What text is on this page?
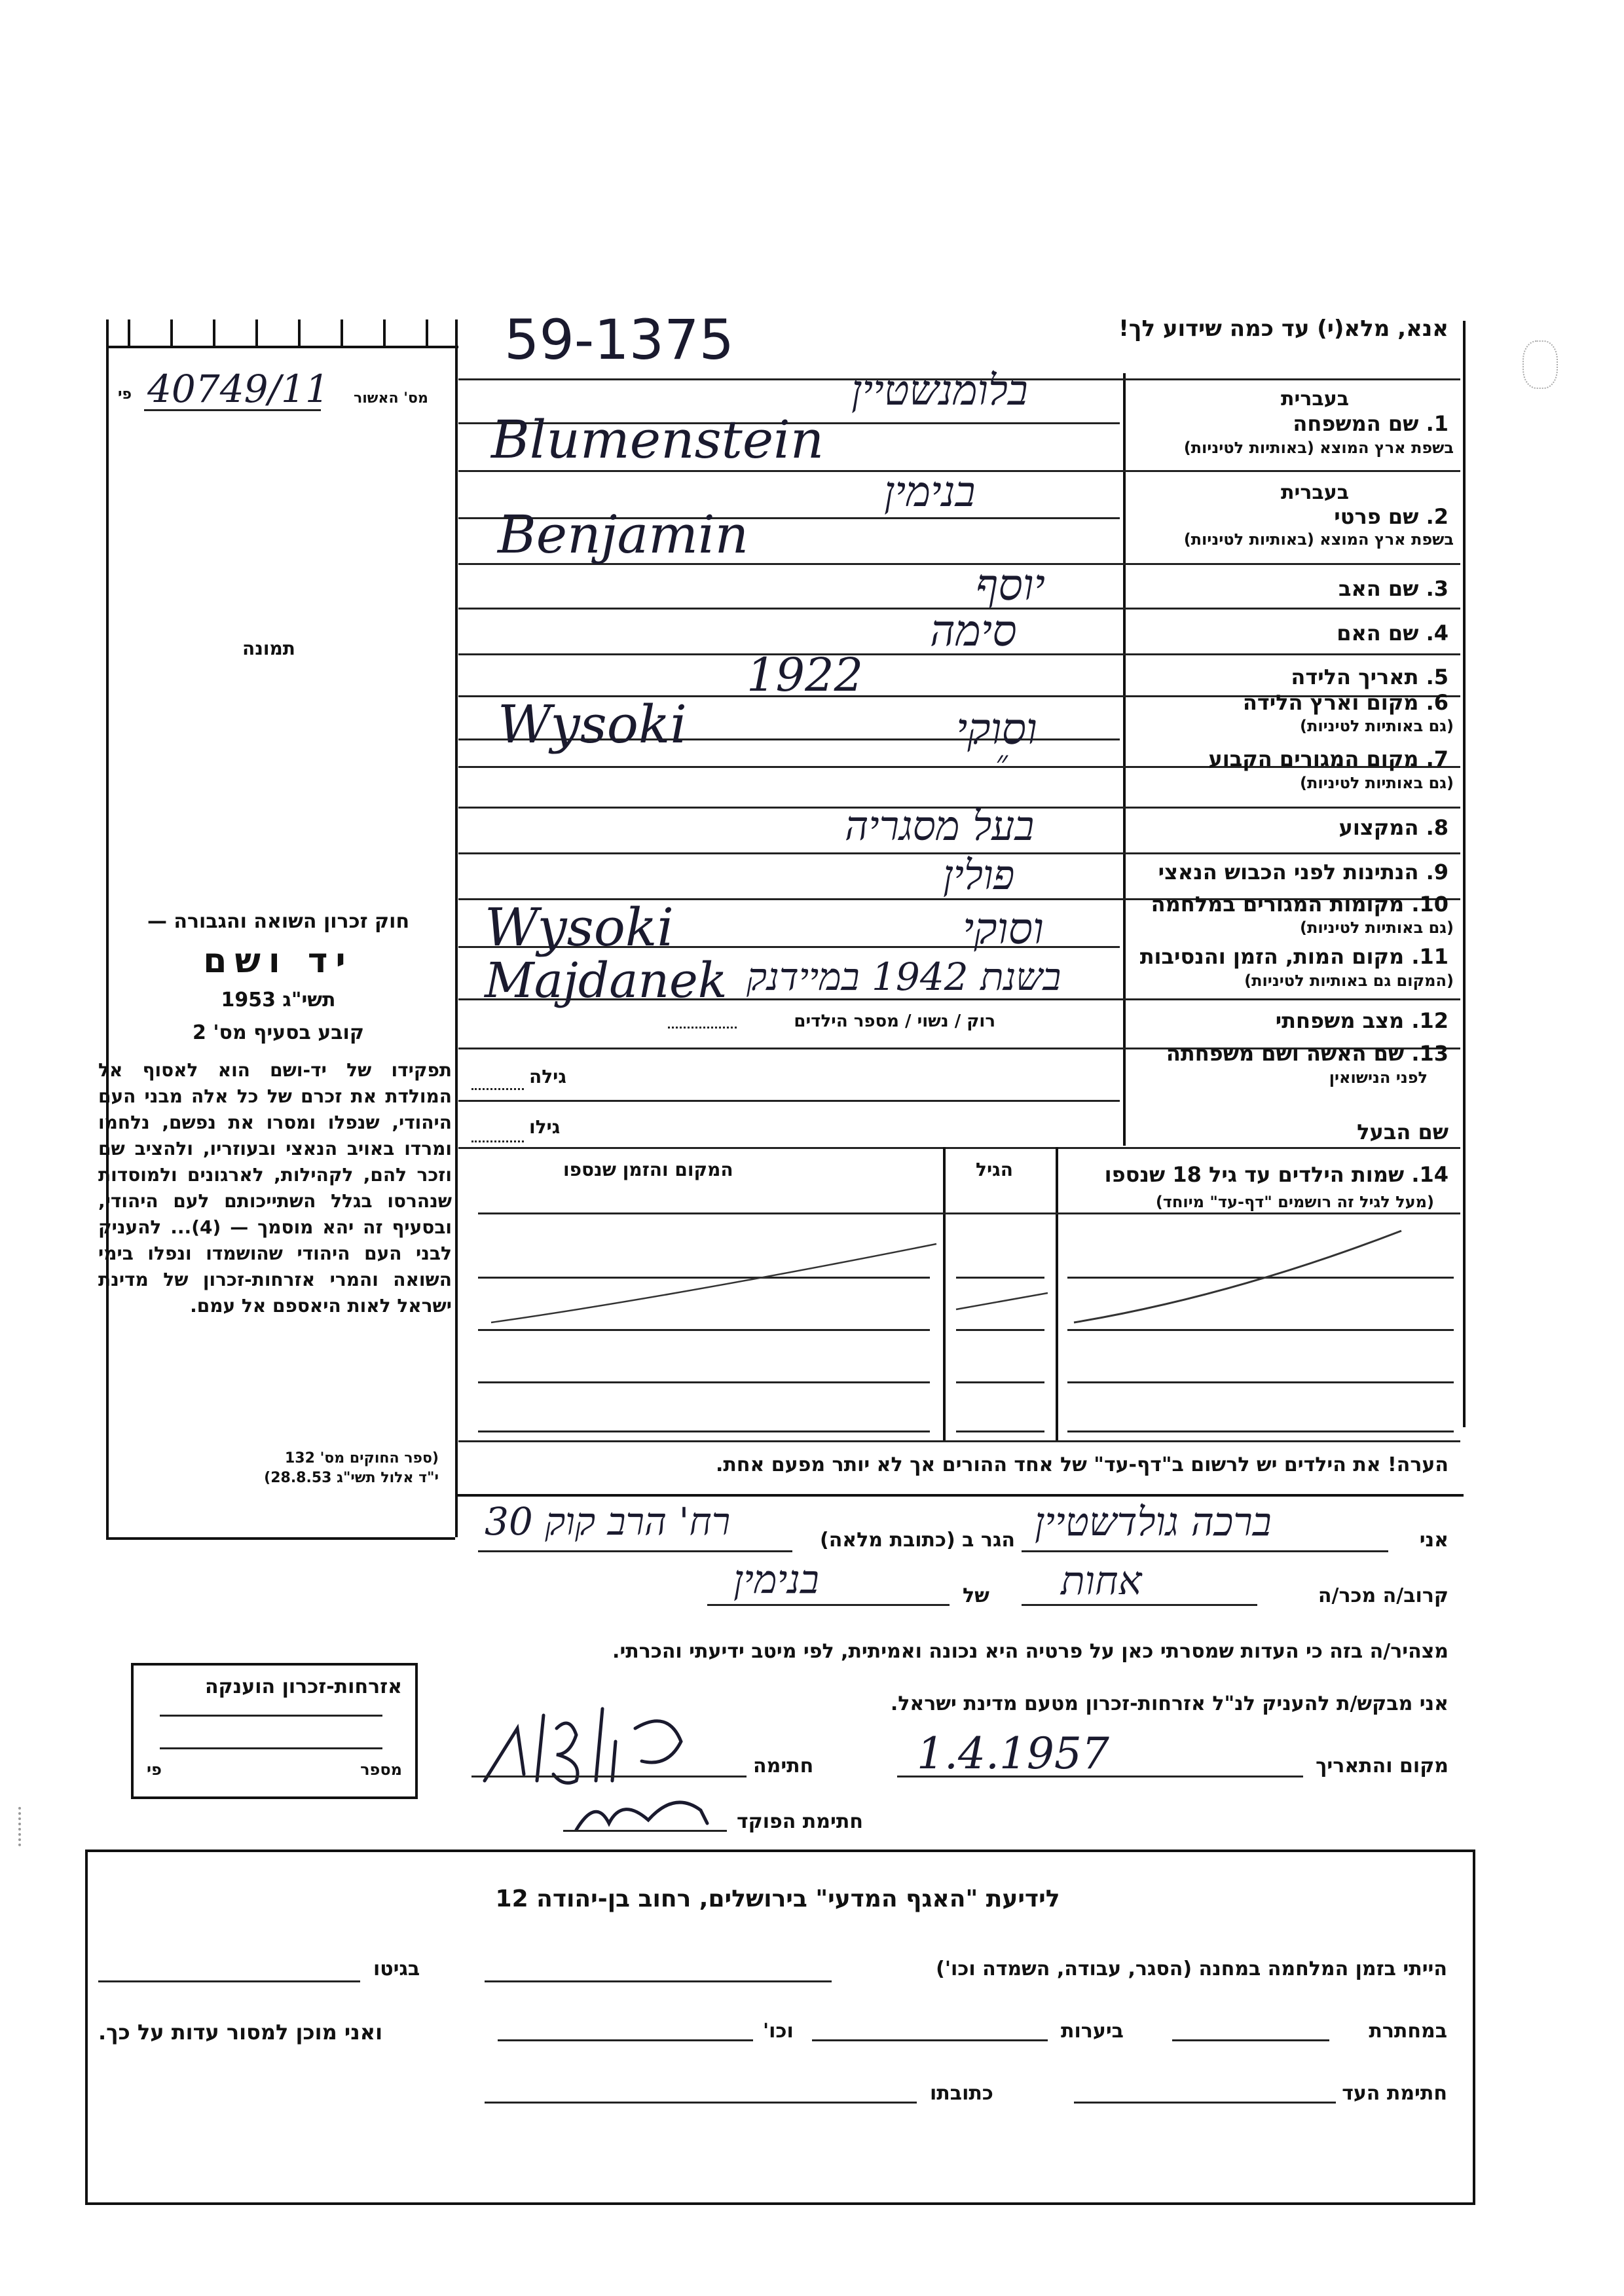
אנא, מלא(י) עד כמה שידוע לך!
59-1375
פי 40749/11 מס' האשור
תמונה
בעברית
1. שם המשפחה
בשפת ארץ המוצא (באותיות לטיניות)
בעברית
2. שם פרטי
בשפת ארץ המוצא (באותיות לטיניות)
3. שם האב
4. שם האם
5. תאריך הלידה
6. מקום וארץ הלידה
(גם באותיות לטיניות)
7. מקום המגורים הקבוע
(גם באותיות לטיניות)
8. המקצוע
9. הנתינות לפני הכבוש הנאצי
10. מקומות המגורים במלחמה
(גם באותיות לטיניות)
11. מקום המות, הזמן והנסיבות
(המקום גם באותיות לטיניות)
12. מצב משפחתי
רוק / נשוי / מספר הילדים
13. שם האשה ושם משפחתה
לפני הנישואין
גילה
שם הבעל
גילו
14. שמות הילדים עד גיל 18 שנספו
(מעל לגיל זה רושמים "דף-עד" מיוחד)
הגיל
המקום והזמן שנספו
הערה! את הילדים יש לרשום ב"דף-עד" של אחד ההורים אך לא יותר מפעם אחת.
בלומנשטיין
Blumenstein
בנימין
Benjamin
יוסף
סימה
1922
Wysoki	וסוקי
״
בעל מסגריה
פולין
Wysoki	וסוקי
Majdanek בשנת 1942 במיידנק
אני
ברכה גולדשטיין
הגר ב (כתובת מלאה)
רח' הרב קוק 30
קרוב/ה מכר/ה
אחות
של
בנימין
מצהיר/ה בזה כי העדות שמסרתי כאן על פרטיה היא נכונה ואמיתית, לפי מיטב ידיעתי והכרתי.
אני מבקש/ת להעניק לנ"ל אזרחות-זכרון מטעם מדינת ישראל.
מקום והתאריך
1.4.1957
חתימה
חתימת הפוקד
חוק זכרון השואה והגבורה —
יד ושם
תשי"ג 1953
קובע בסעיף מס' 2
תפקידו של יד-ושם הוא לאסוף אל המולדת את זכרם של כל אלה מבני העם היהודי, שנפלו ומסרו את נפשם, נלחמו ומרדו באויב הנאצי ובעוזריו, ולהציב שם וזכר להם, לקהילות, לארגונים ולמוסדות שנהרסו בגלל השתייכותם לעם היהודי, ובסעיף זה יהא מוסמך — (4)... להעניק לבני העם היהודי שהושמדו ונפלו בימי השואה והמרי אזרחות-זכרון של מדינת ישראל לאות היאספם אל עמם.
(ספר החוקים מס' 132
י"ד אלול תשי"ג 28.8.53)
אזרחות-זכרון הוענקה
מספר
פי
לידיעת "האגף המדעי" בירושלים, רחוב בן-יהודה 12
הייתי בזמן המלחמה במחנה (הסגר, עבודה, השמדה וכו')
בגיטו
במחתרת
ביערות
וכו'
ואני מוכן למסור עדות על כך.
חתימת העד
כתובתו
